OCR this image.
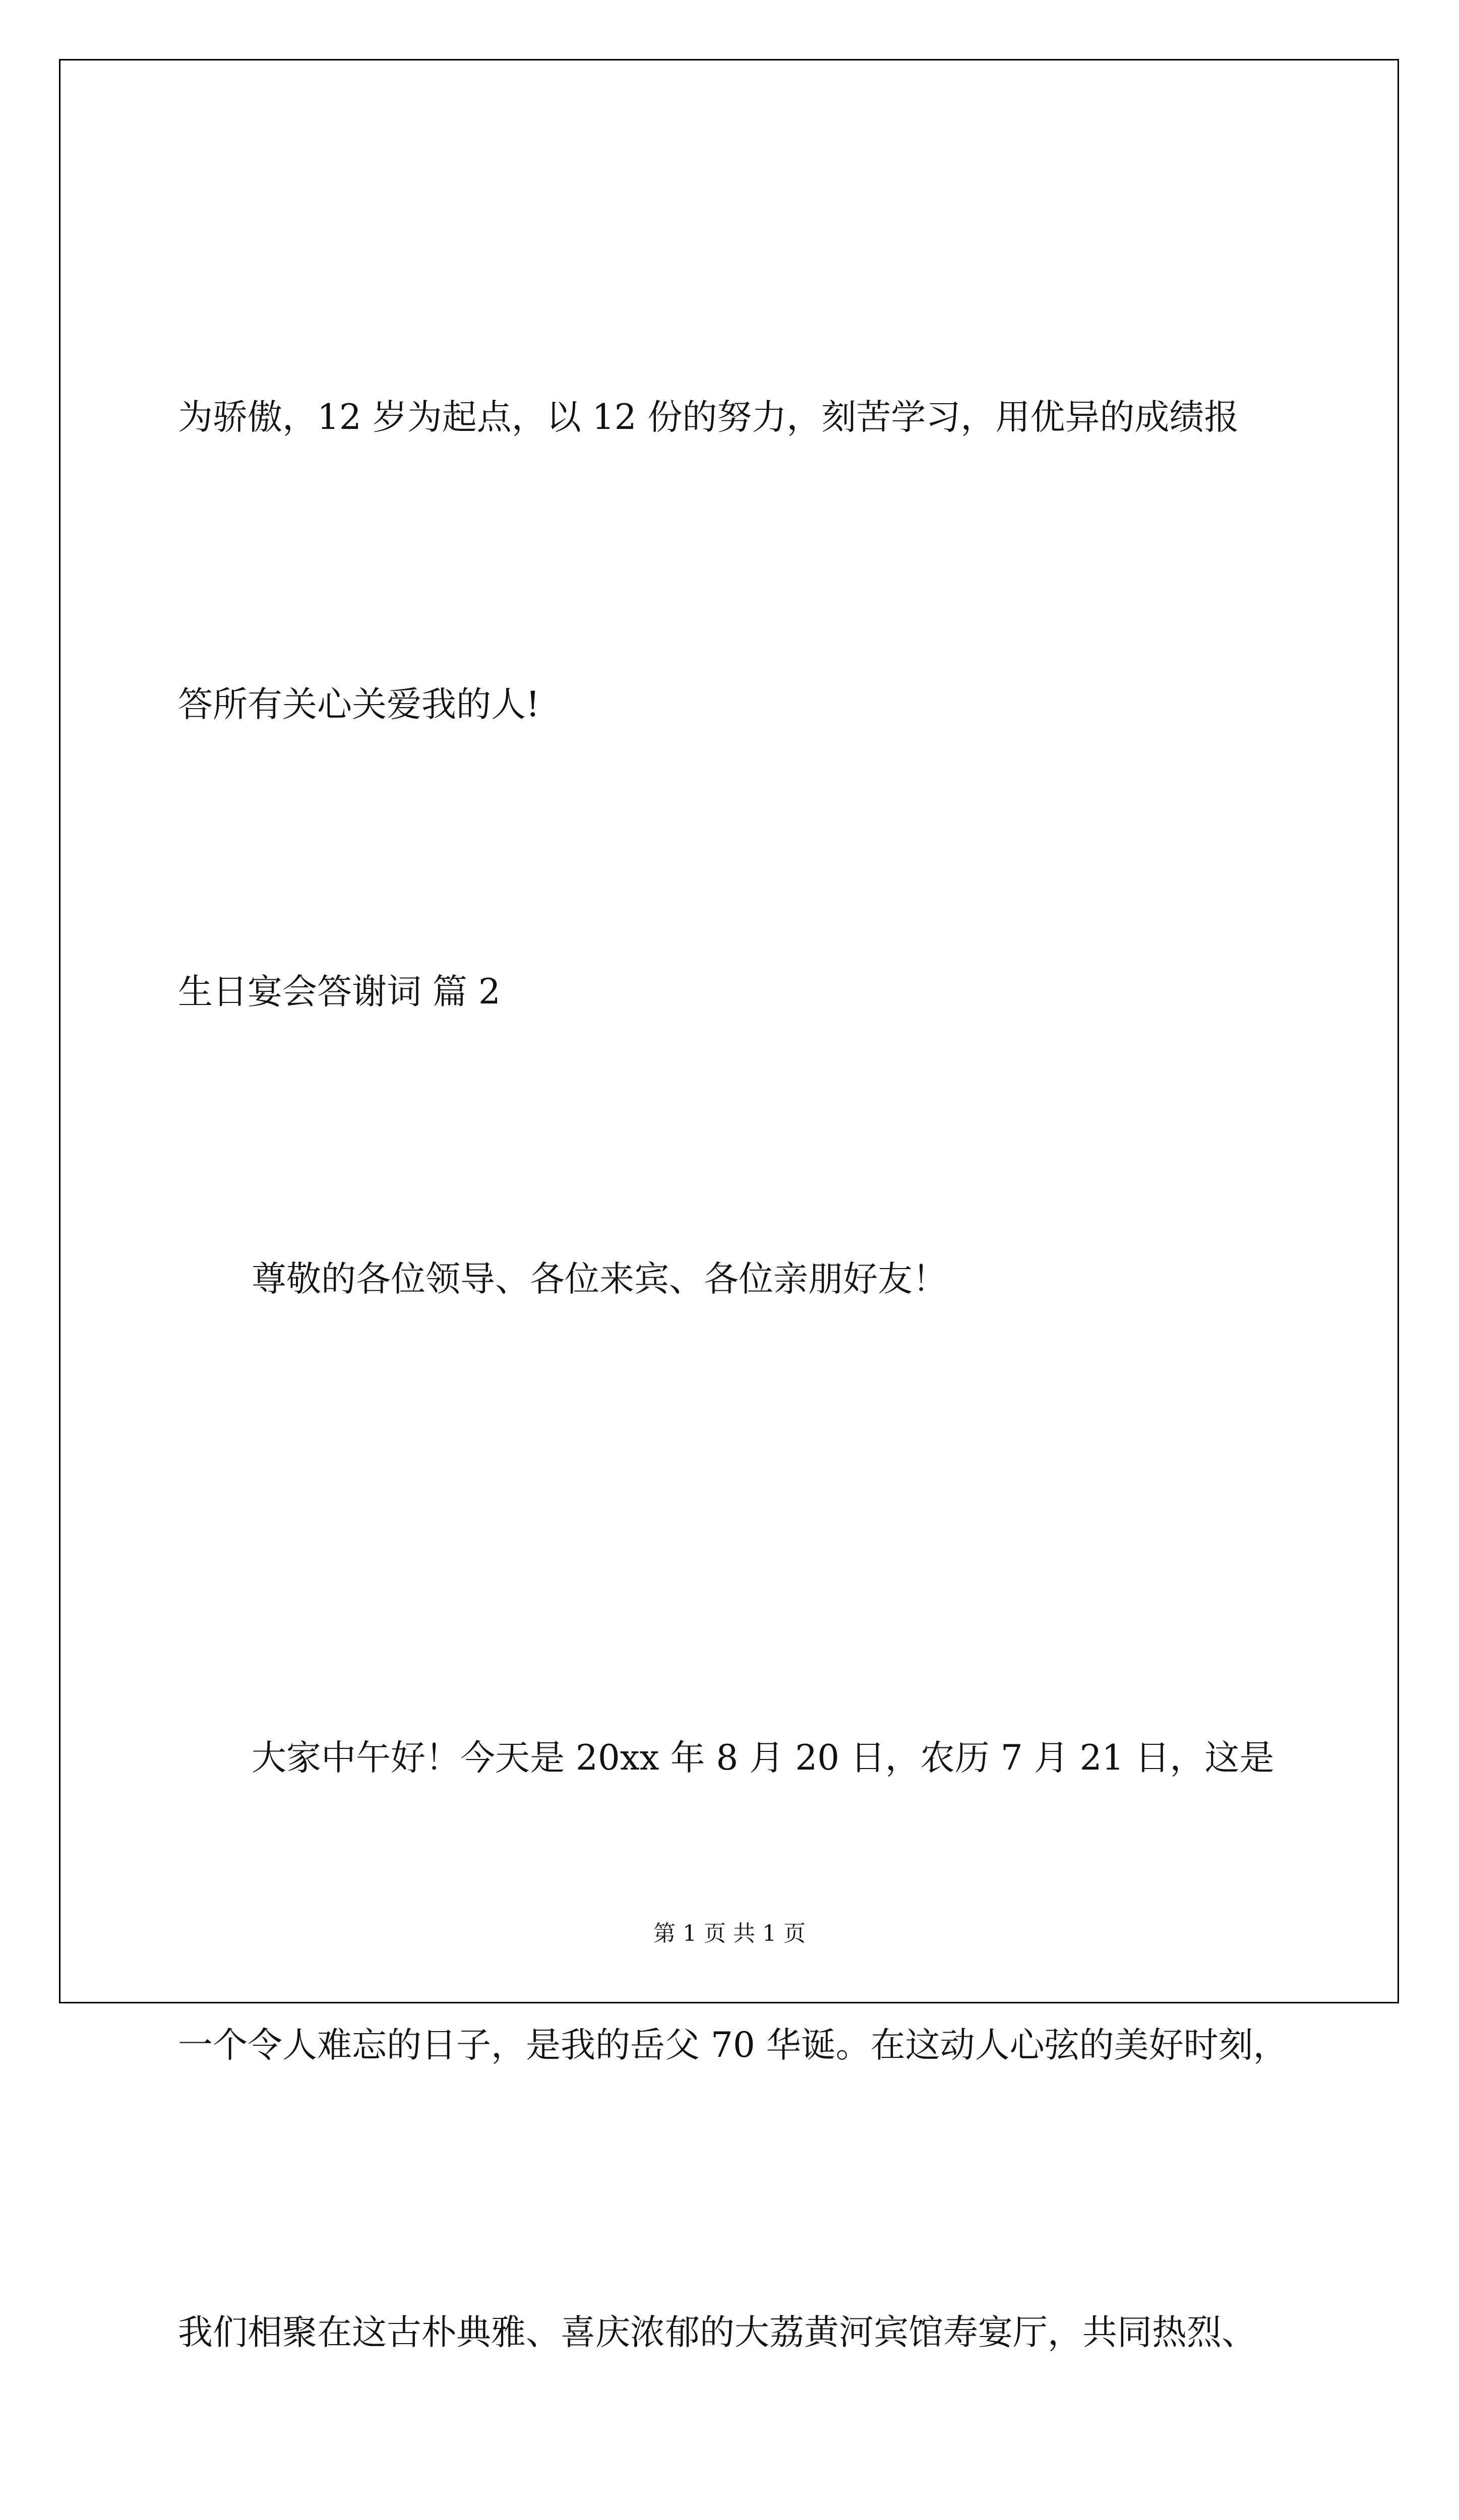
为骄傲，12 岁为起点，以 12 份的努力，刻苦学习，用优异的成绩报

答所有关心关爱我的人!

生日宴会答谢词 篇 2

尊敬的各位领导、各位来宾、各位亲朋好友！

大家中午好！今天是 20xx 年 8 月 20 日，农历 7 月 21 日，这是

一个令人难忘的日子，是我的岳父 70 华诞。在这动人心弦的美好时刻，

我们相聚在这古朴典雅、喜庆浓郁的大荔黄河宾馆寿宴厅，共同热烈、

第 1 页 共 1 页
